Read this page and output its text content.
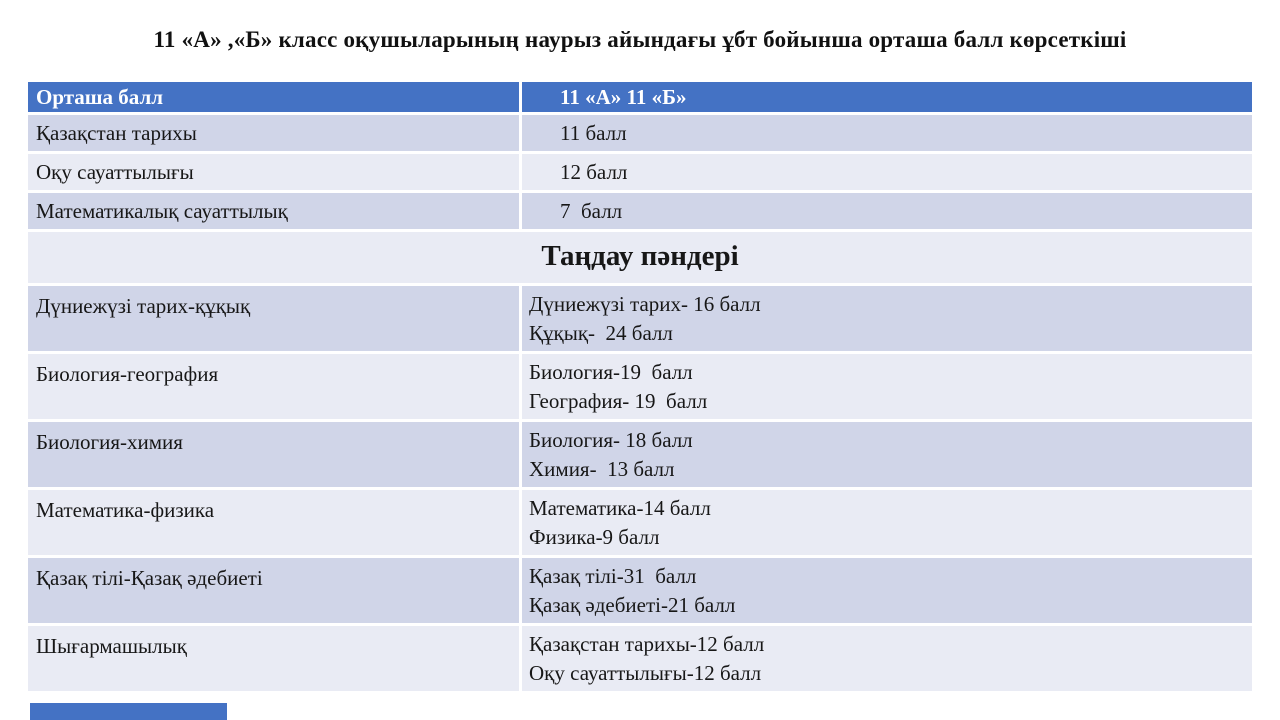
11 «А» ,«Б» класс оқушыларының наурыз айындағы ұбт бойынша орташа балл көрсеткіші
Орташа балл	11 «А» 11 «Б»
Қазақстан тарихы	11 балл
Оқу сауаттылығы	12 балл
Математикалық сауаттылық	7  балл
Таңдау пәндері
Дүниежүзі тарих-құқық	Дүниежүзі тарих- 16 балл
Құқық-  24 балл
Биология-география	Биология-19  балл
География- 19  балл
Биология-химия	Биология- 18 балл
Химия-  13 балл
Математика-физика	Математика-14 балл
Физика-9 балл
Қазақ тілі-Қазақ әдебиеті	Қазақ тілі-31  балл
Қазақ әдебиеті-21 балл
Шығармашылық	Қазақстан тарихы-12 балл
Оқу сауаттылығы-12 балл
